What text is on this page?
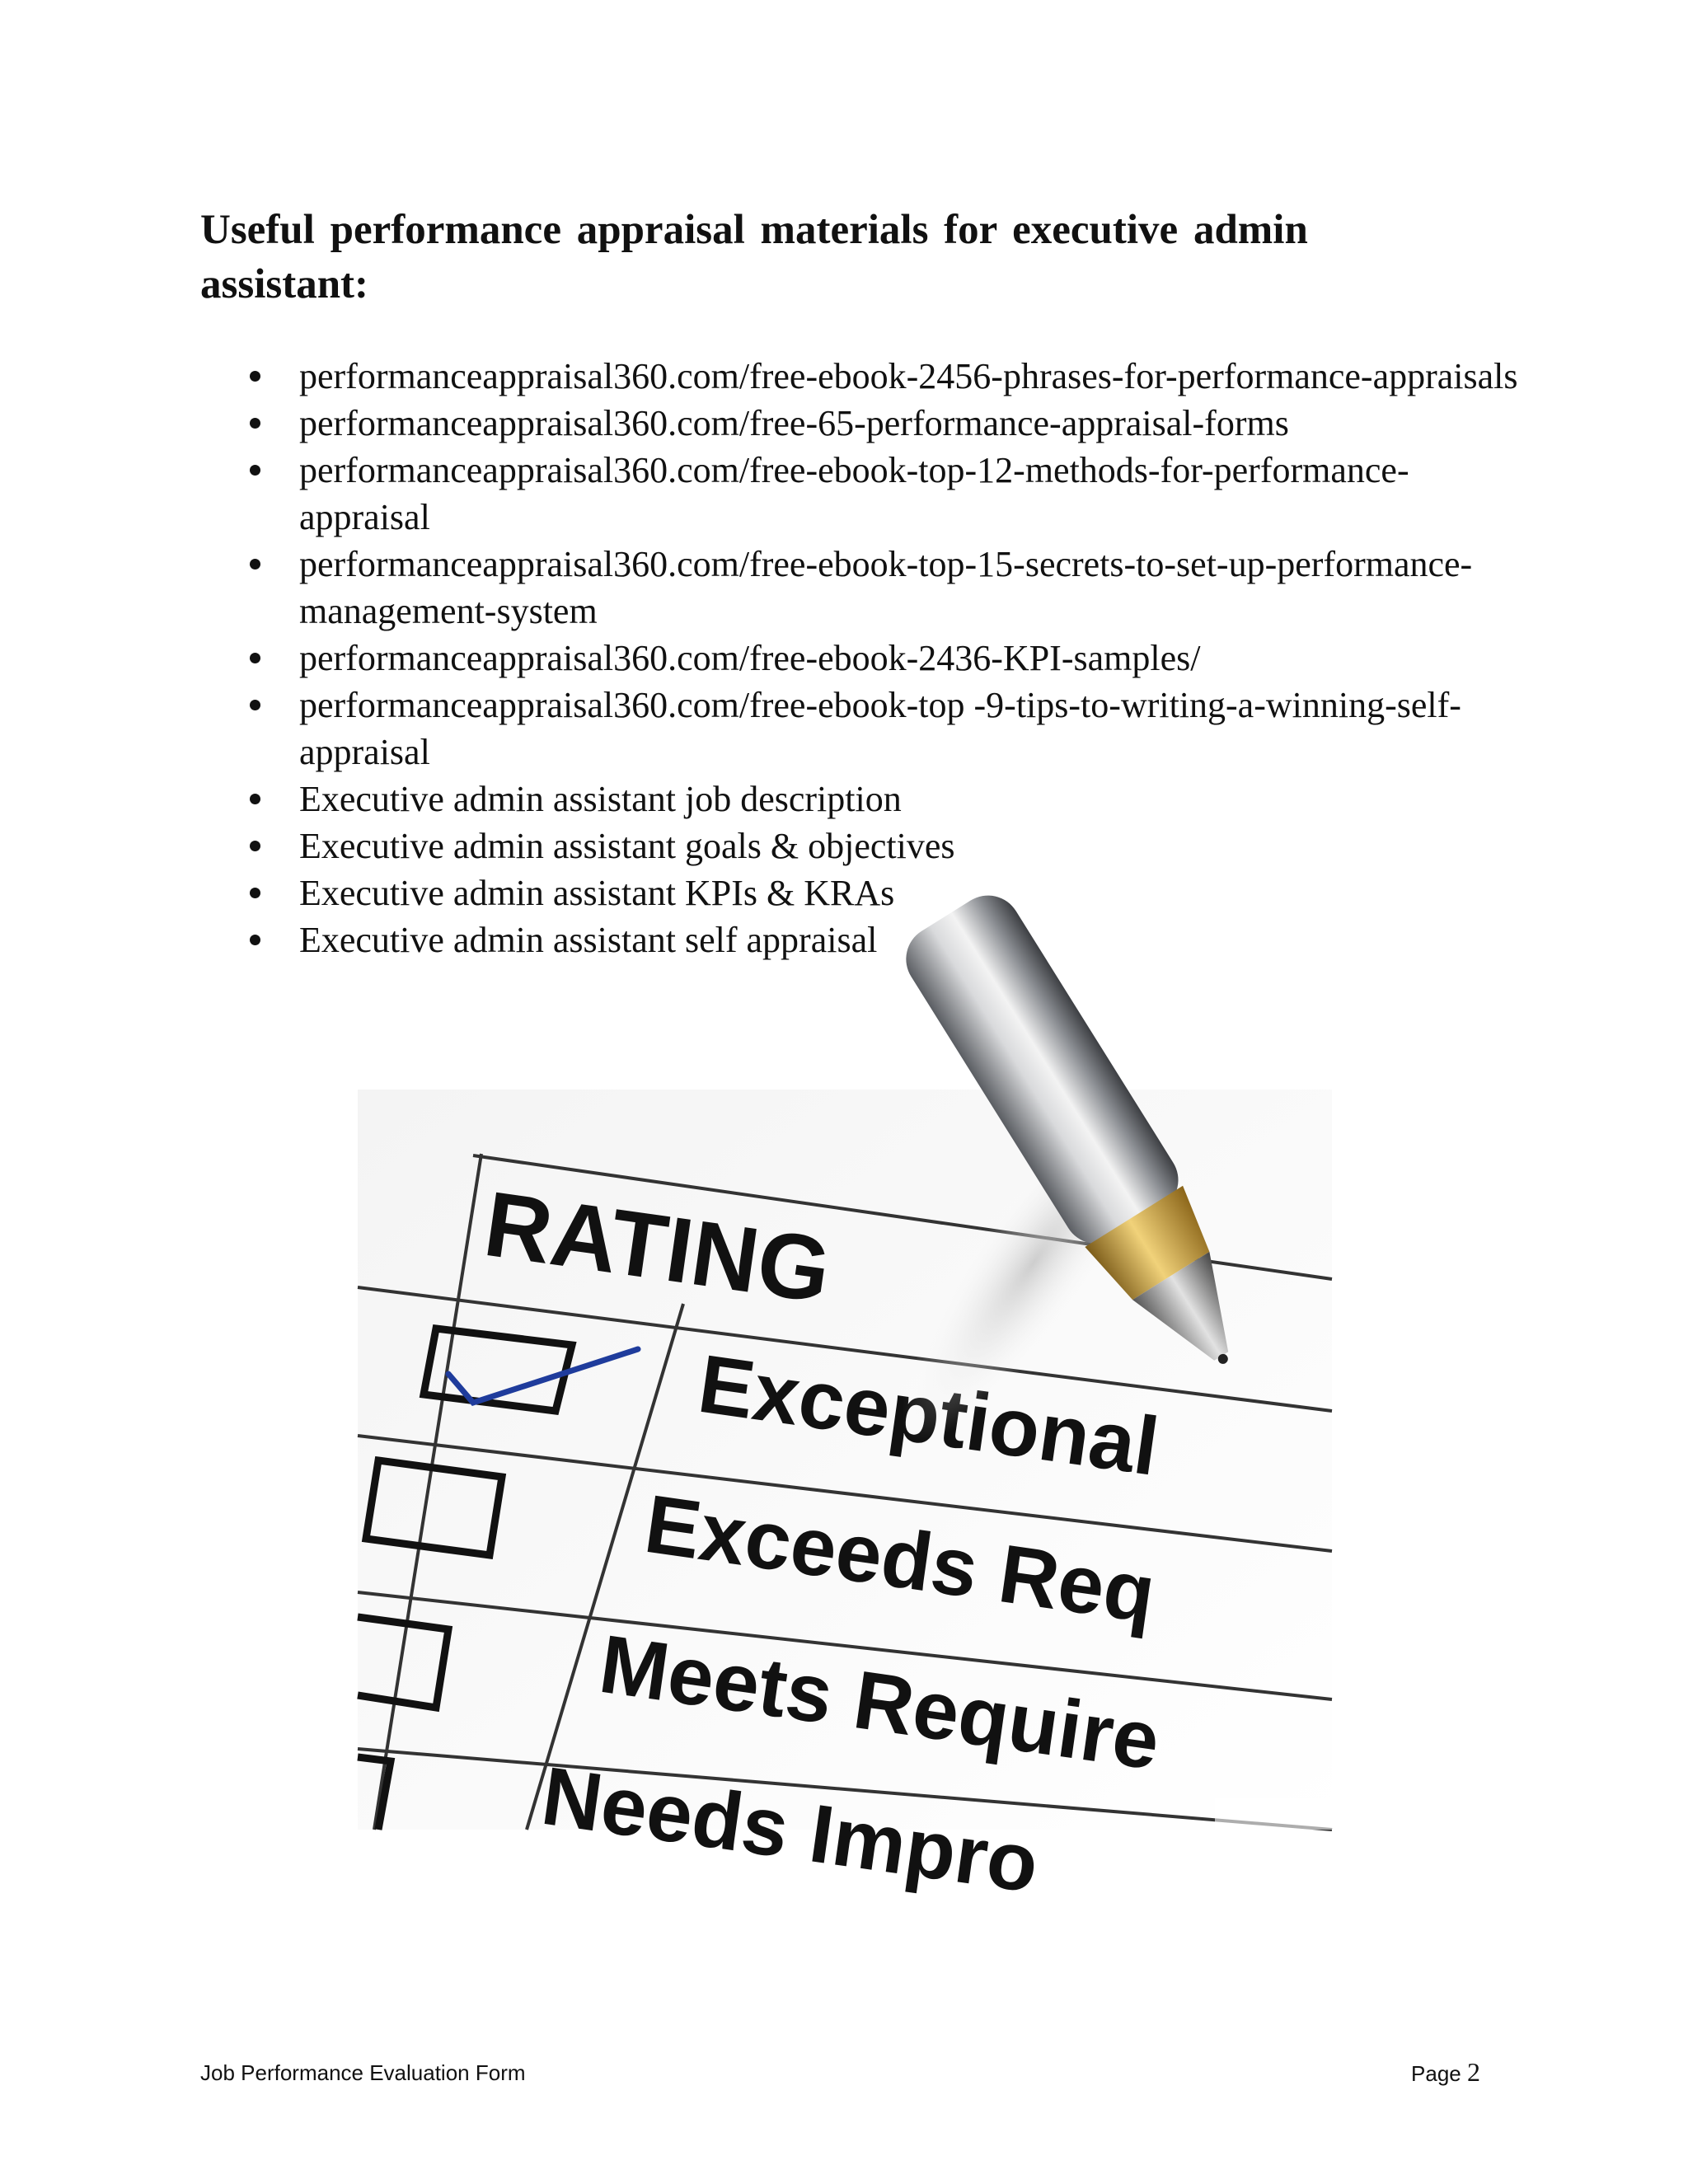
Useful performance appraisal materials for executive admin assistant:
performanceappraisal360.com/free-ebook-2456-phrases-for-performance-appraisals
performanceappraisal360.com/free-65-performance-appraisal-forms
performanceappraisal360.com/free-ebook-top-12-methods-for-performance-appraisal
performanceappraisal360.com/free-ebook-top-15-secrets-to-set-up-performance-management-system
performanceappraisal360.com/free-ebook-2436-KPI-samples/
performanceappraisal360.com/free-ebook-top -9-tips-to-writing-a-winning-self-appraisal
Executive admin assistant job description
Executive admin assistant goals & objectives
Executive admin assistant KPIs & KRAs
Executive admin assistant self appraisal
RATING
Exceeds Req
Meets Require
Needs Impro
Job Performance Evaluation Form	Page 2
